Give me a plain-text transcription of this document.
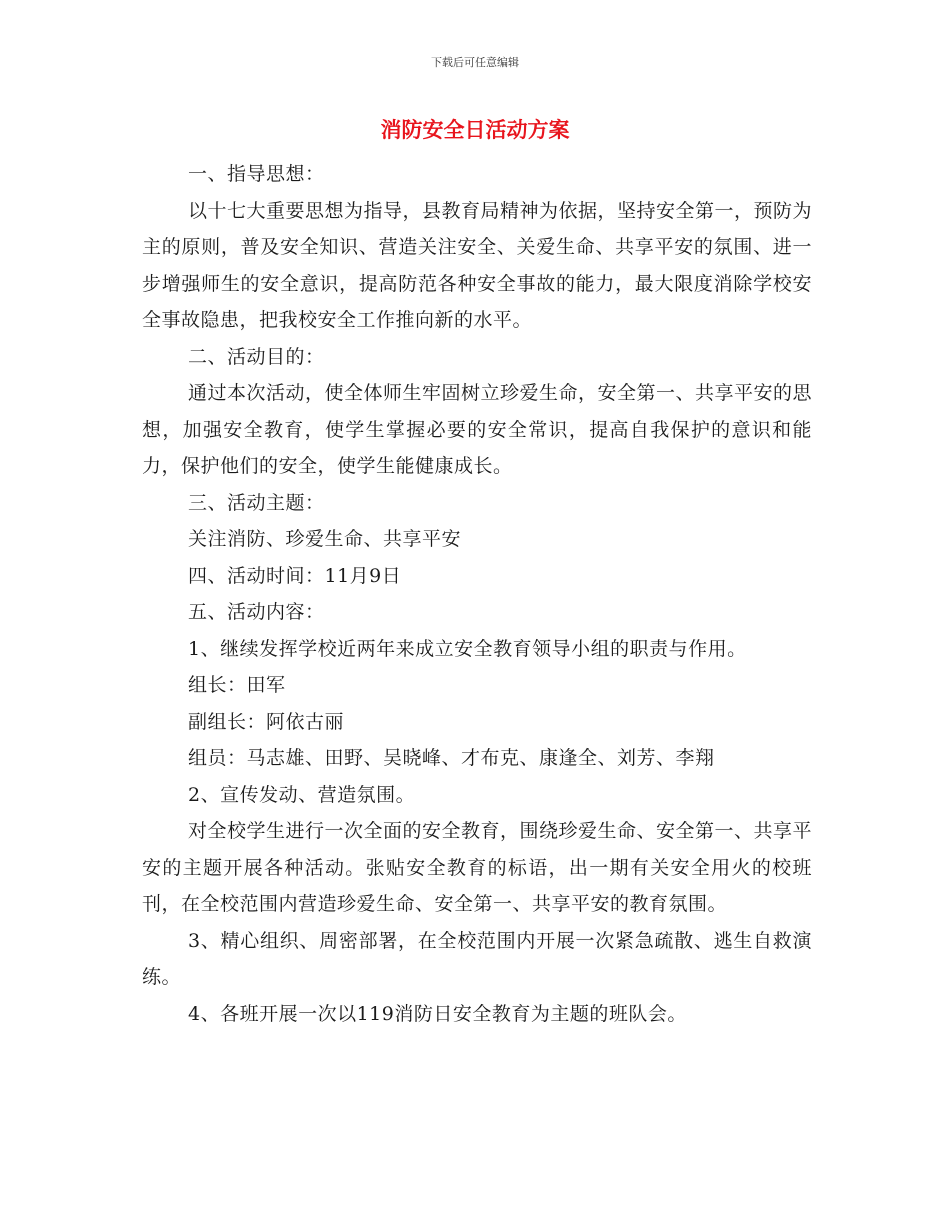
下载后可任意编辑
消防安全日活动方案

一、指导思想：

以十七大重要思想为指导，县教育局精神为依据，坚持安全第一，预防为主的原则，普及安全知识、营造关注安全、关爱生命、共享平安的氛围、进一步增强师生的安全意识，提高防范各种安全事故的能力，最大限度消除学校安全事故隐患，把我校安全工作推向新的水平。

二、活动目的：

通过本次活动，使全体师生牢固树立珍爱生命，安全第一、共享平安的思想，加强安全教育，使学生掌握必要的安全常识，提高自我保护的意识和能力，保护他们的安全，使学生能健康成长。

三、活动主题：

关注消防、珍爱生命、共享平安

四、活动时间：11月9日

五、活动内容：

1、继续发挥学校近两年来成立安全教育领导小组的职责与作用。

组长：田军

副组长：阿依古丽

组员：马志雄、田野、吴晓峰、才布克、康逢全、刘芳、李翔

2、宣传发动、营造氛围。

对全校学生进行一次全面的安全教育，围绕珍爱生命、安全第一、共享平安的主题开展各种活动。张贴安全教育的标语，出一期有关安全用火的校班刊，在全校范围内营造珍爱生命、安全第一、共享平安的教育氛围。

3、精心组织、周密部署，在全校范围内开展一次紧急疏散、逃生自救演练。

4、各班开展一次以119消防日安全教育为主题的班队会。
